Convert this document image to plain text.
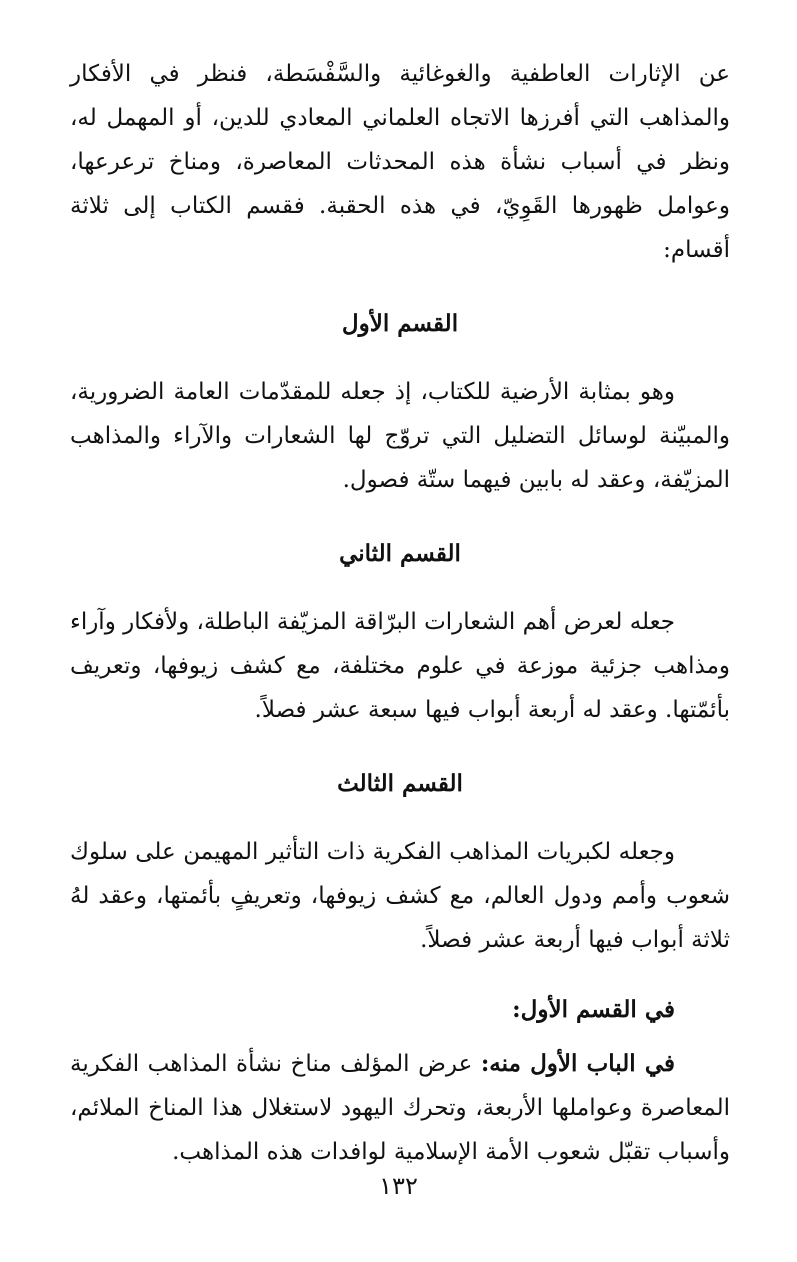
عن الإثارات العاطفية والغوغائية والسَّفْسَطة، فنظر في الأفكار والمذاهب التي أفرزها الاتجاه العلماني المعادي للدين، أو المهمل له، ونظر في أسباب نشأة هذه المحدثات المعاصرة، ومناخ ترعرعها، وعوامل ظهورها القَوِيّ، في هذه الحقبة. فقسم الكتاب إلى ثلاثة أقسام:

القسم الأول

وهو بمثابة الأرضية للكتاب، إذ جعله للمقدّمات العامة الضرورية، والمبيّنة لوسائل التضليل التي تروّج لها الشعارات والآراء والمذاهب المزيّفة، وعقد له بابين فيهما ستّة فصول.

القسم الثاني

جعله لعرض أهم الشعارات البرّاقة المزيّفة الباطلة، ولأفكار وآراء ومذاهب جزئية موزعة في علوم مختلفة، مع كشف زيوفها، وتعريف بأئمّتها. وعقد له أربعة أبواب فيها سبعة عشر فصلاً.

القسم الثالث

وجعله لكبريات المذاهب الفكرية ذات التأثير المهيمن على سلوك شعوب وأمم ودول العالم، مع كشف زيوفها، وتعريفٍ بأئمتها، وعقد لهُ ثلاثة أبواب فيها أربعة عشر فصلاً.

في القسم الأول:

في الباب الأول منه: عرض المؤلف مناخ نشأة المذاهب الفكرية المعاصرة وعواملها الأربعة، وتحرك اليهود لاستغلال هذا المناخ الملائم، وأسباب تقبّل شعوب الأمة الإسلامية لوافدات هذه المذاهب.

١٣٢
